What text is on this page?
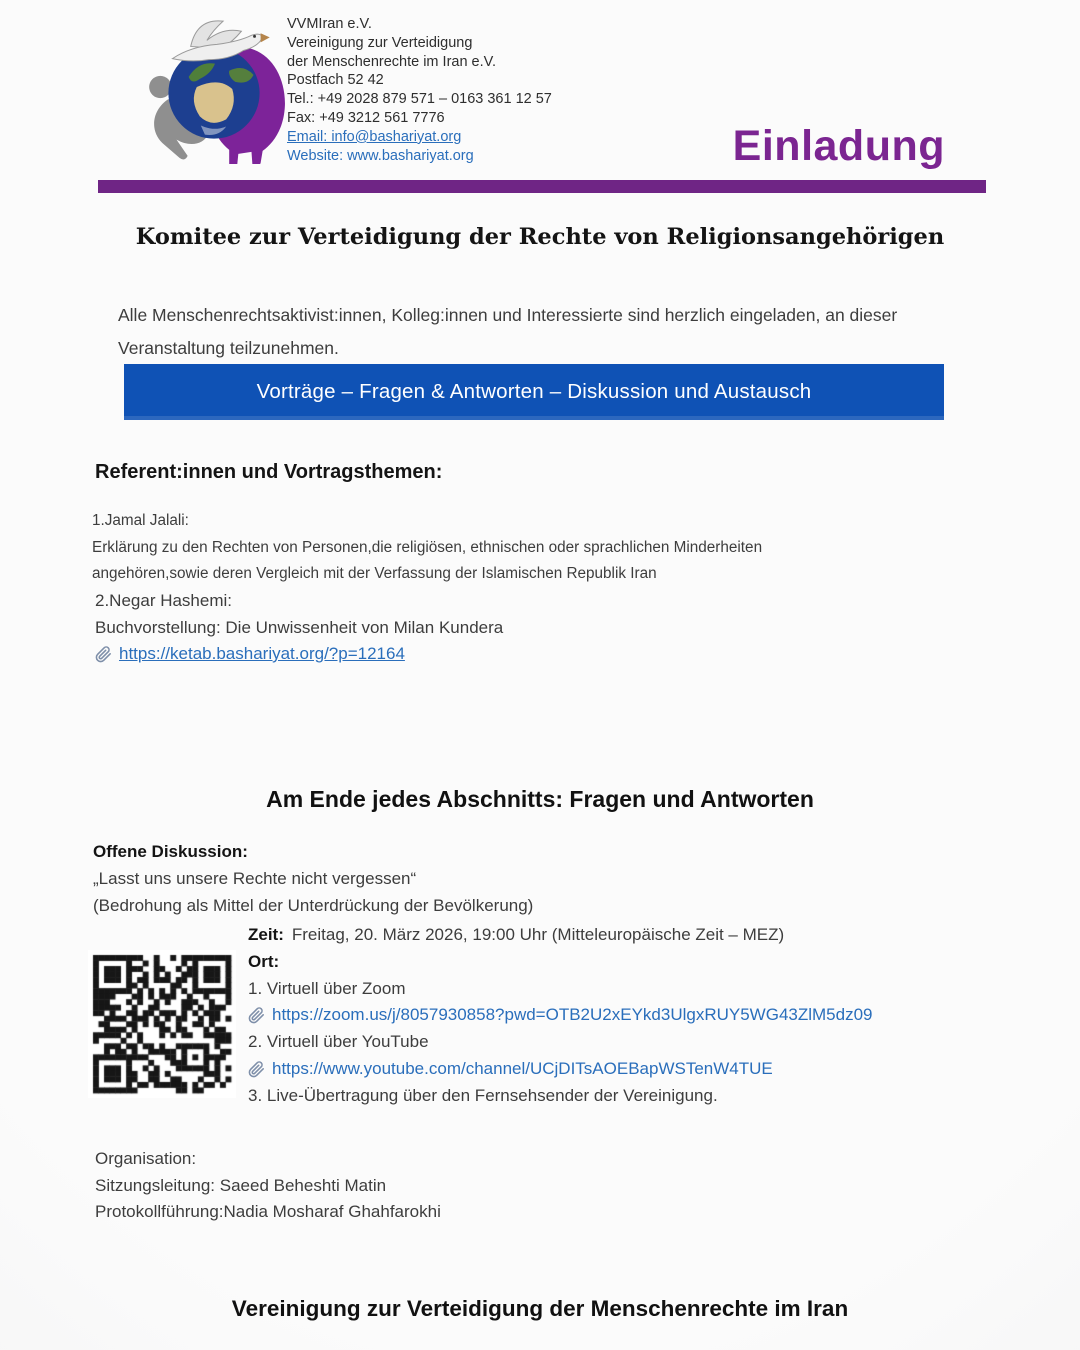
VVMIran e.V.
Vereinigung zur Verteidigung
der Menschenrechte im Iran e.V.
Postfach 52 42
Tel.: +49 2028 879 571 – 0163 361 12 57
Fax: +49 3212 561 7776
Email: info@bashariyat.org
Website: www.bashariyat.org	Einladung
Komitee zur Verteidigung der Rechte von Religionsangehörigen
Alle Menschenrechtsaktivist:innen, Kolleg:innen und Interessierte sind herzlich eingeladen, an dieser
Veranstaltung teilzunehmen.
Vorträge – Fragen & Antworten – Diskussion und Austausch
Referent:innen und Vortragsthemen:
1.Jamal Jalali:
Erklärung zu den Rechten von Personen,die religiösen, ethnischen oder sprachlichen Minderheiten
angehören,sowie deren Vergleich mit der Verfassung der Islamischen Republik Iran
2.Negar Hashemi:
Buchvorstellung: Die Unwissenheit von Milan Kundera
https://ketab.bashariyat.org/?p=12164
Am Ende jedes Abschnitts: Fragen und Antworten
Offene Diskussion:
„Lasst uns unsere Rechte nicht vergessen“
(Bedrohung als Mittel der Unterdrückung der Bevölkerung)
Zeit: Freitag, 20. März 2026, 19:00 Uhr (Mitteleuropäische Zeit – MEZ)
Ort:
1. Virtuell über Zoom
https://zoom.us/j/8057930858?pwd=OTB2U2xEYkd3UlgxRUY5WG43ZlM5dz09
2. Virtuell über YouTube
https://www.youtube.com/channel/UCjDITsAOEBapWSTenW4TUE
3. Live-Übertragung über den Fernsehsender der Vereinigung.
Organisation:
Sitzungsleitung: Saeed Beheshti Matin
Protokollführung:Nadia Mosharaf Ghahfarokhi
Vereinigung zur Verteidigung der Menschenrechte im Iran
